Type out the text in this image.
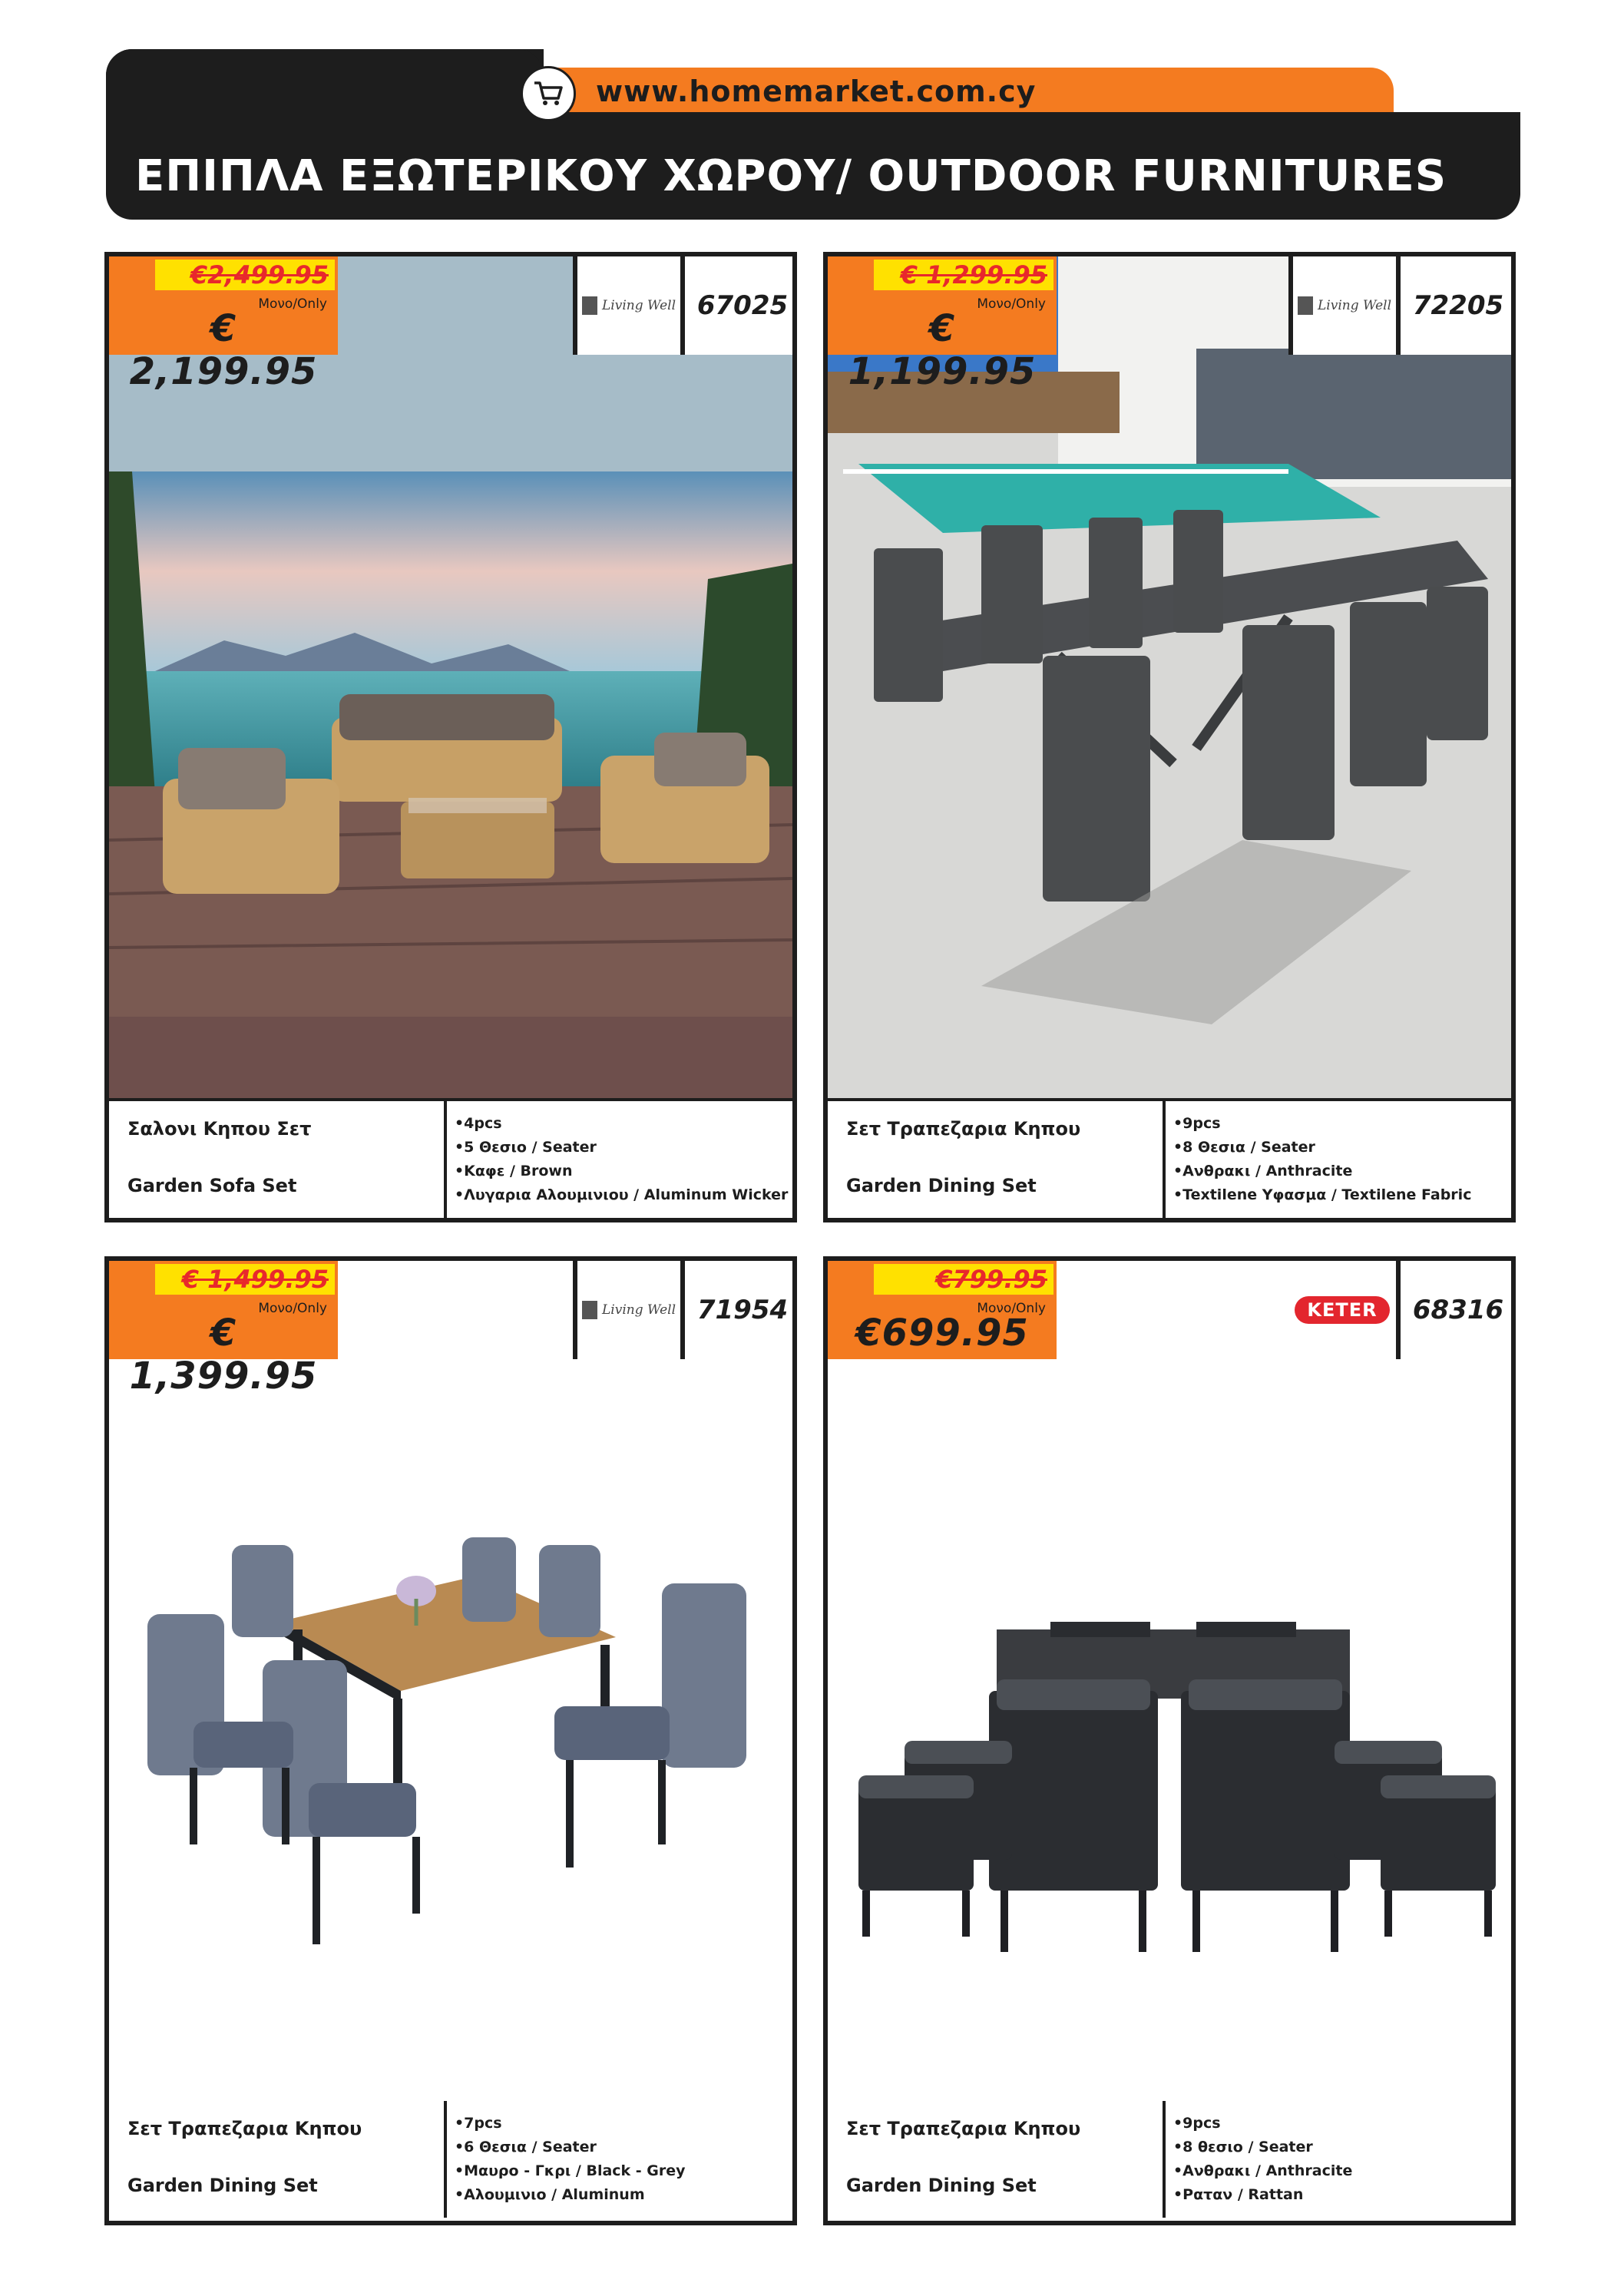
www.homemarket.com.cy
ΕΠΙΠΛΑ ΕΞΩΤΕΡΙΚΟΥ ΧΩΡΟΥ/ OUTDOOR FURNITURES
€2,499.95
Μονο/Only
€ 2,199.95
Living Well 67025
Σαλονι Κηπου Σετ
Garden Sofa Set
•4pcs
•5 Θεσιο / Seater
•Καφε / Brown
•Λυγαρια Αλουμινιου / Aluminum Wicker
€ 1,299.95
Μονο/Only
€ 1,199.95
Living Well 72205
Σετ Τραπεζαρια Κηπου
Garden Dining Set
•9pcs
•8 Θεσια / Seater
•Ανθρακι / Anthracite
•Textilene Υφασμα / Textilene Fabric
€ 1,499.95
Μονο/Only
€ 1,399.95
Living Well 71954
Σετ Τραπεζαρια Κηπου
Garden Dining Set
•7pcs
•6 Θεσια / Seater
•Μαυρο - Γκρι / Black - Grey
•Αλουμινιο / Aluminum
€799.95
Μονο/Only
€699.95
KETER	68316
Σετ Τραπεζαρια Κηπου
Garden Dining Set
•9pcs
•8 θεσιο / Seater
•Ανθρακι / Anthracite
•Ραταν / Rattan
